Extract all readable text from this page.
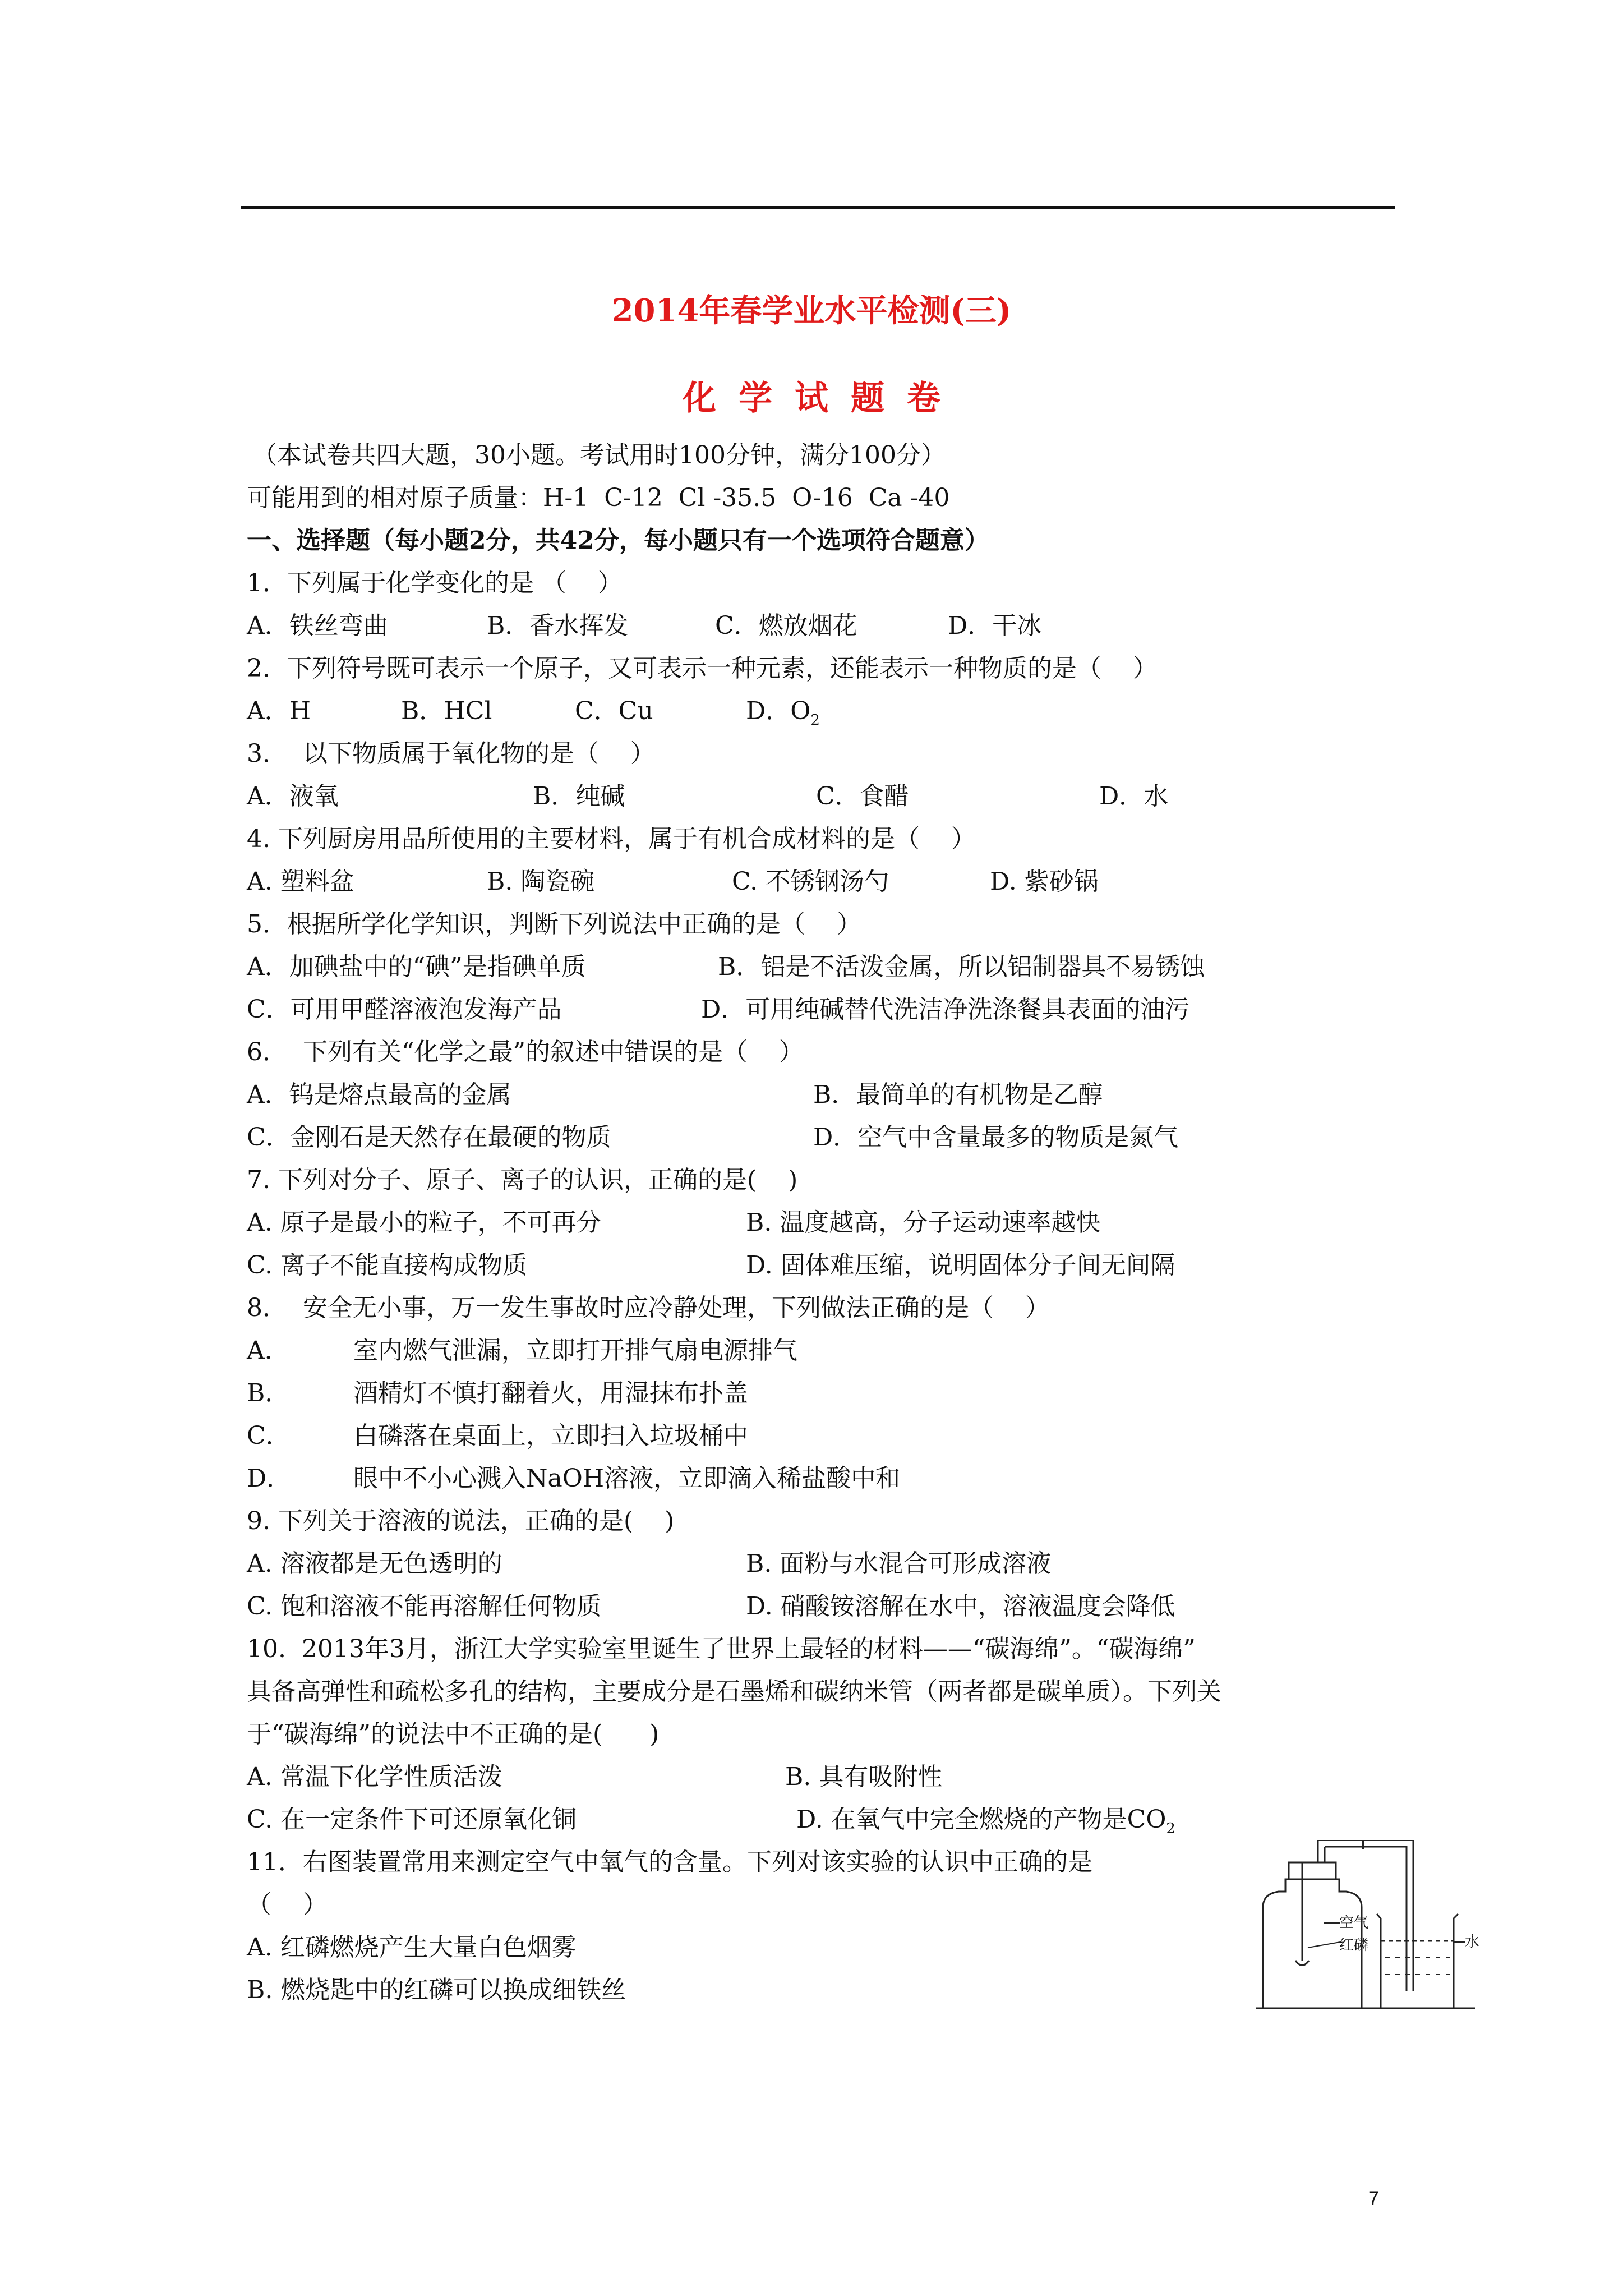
2014年春学业水平检测(三)
化学试题卷
（本试卷共四大题，30小题。考试用时100分钟，满分100分）
可能用到的相对原子质量：H-1  C-12  Cl -35.5  O-16  Ca -40
一、选择题（每小题2分，共42分，每小题只有一个选项符合题意）
1．下列属于化学变化的是 （    ）
A．铁丝弯曲	B．香水挥发	C．燃放烟花	D．干冰
2．下列符号既可表示一个原子，又可表示一种元素，还能表示一种物质的是（    ）
A．H	B．HCl	C．Cu	D．$O_2$
3．  以下物质属于氧化物的是（    ）
A．液氧	B．纯碱	C．食醋	D．水
4. 下列厨房用品所使用的主要材料，属于有机合成材料的是（    ）
A. 塑料盆	B. 陶瓷碗	C. 不锈钢汤勺	D. 紫砂锅
5．根据所学化学知识，判断下列说法中正确的是（    ）
A．加碘盐中的“碘”是指碘单质	B．铝是不活泼金属，所以铝制器具不易锈蚀
C．可用甲醛溶液泡发海产品	D．可用纯碱替代洗洁净洗涤餐具表面的油污
6．  下列有关“化学之最”的叙述中错误的是（    ）
A．钨是熔点最高的金属	B．最简单的有机物是乙醇
C．金刚石是天然存在最硬的物质	D．空气中含量最多的物质是氮气
7. 下列对分子、原子、离子的认识，正确的是(    )
A. 原子是最小的粒子，不可再分	B. 温度越高，分子运动速率越快
C. 离子不能直接构成物质	D. 固体难压缩，说明固体分子间无间隔
8．  安全无小事，万一发生事故时应冷静处理，下列做法正确的是（    ）
A．	室内燃气泄漏，立即打开排气扇电源排气
B．	酒精灯不慎打翻着火，用湿抹布扑盖
C．	白磷落在桌面上，立即扫入垃圾桶中
D．	眼中不小心溅入NaOH溶液，立即滴入稀盐酸中和
9. 下列关于溶液的说法，正确的是(    )
A. 溶液都是无色透明的	B. 面粉与水混合可形成溶液
C. 饱和溶液不能再溶解任何物质	D. 硝酸铵溶解在水中，溶液温度会降低
10.  2013年3月，浙江大学实验室里诞生了世界上最轻的材料——“碳海绵”。“碳海绵”
具备高弹性和疏松多孔的结构，主要成分是石墨烯和碳纳米管（两者都是碳单质）。下列关
于“碳海绵”的说法中不正确的是(      )
A. 常温下化学性质活泼	B. 具有吸附性
C. 在一定条件下可还原氧化铜	D. 在氧气中完全燃烧的产物是$CO_2$
11．右图装置常用来测定空气中氧气的含量。下列对该实验的认识中正确的是
（    ）
A. 红磷燃烧产生大量白色烟雾
B. 燃烧匙中的红磷可以换成细铁丝
空气
红磷	水
7
